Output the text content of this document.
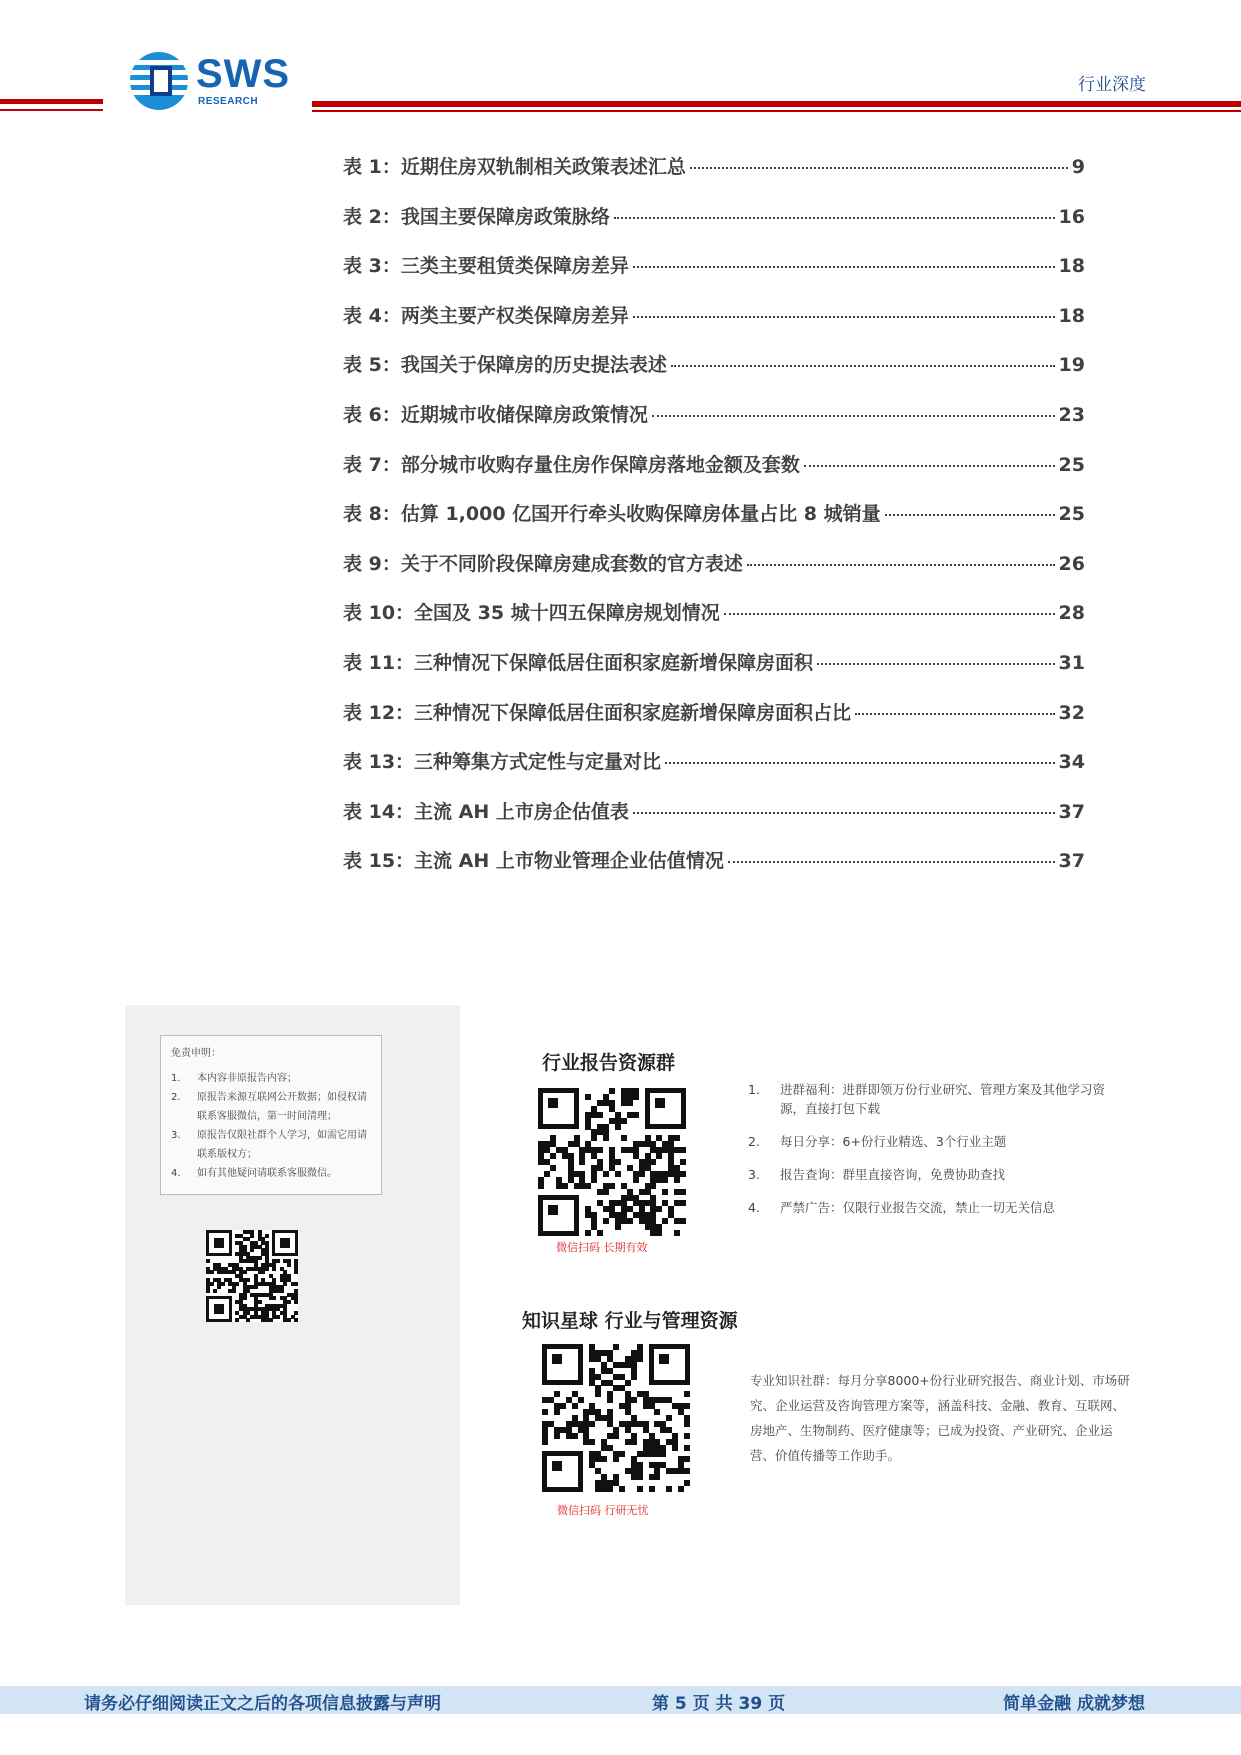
SWS
RESEARCH
行业深度
表 1：近期住房双轨制相关政策表述汇总	9
表 2：我国主要保障房政策脉络	16
表 3：三类主要租赁类保障房差异	18
表 4：两类主要产权类保障房差异	18
表 5：我国关于保障房的历史提法表述	19
表 6：近期城市收储保障房政策情况	23
表 7：部分城市收购存量住房作保障房落地金额及套数	25
表 8：估算 1,000 亿国开行牵头收购保障房体量占比 8 城销量	25
表 9：关于不同阶段保障房建成套数的官方表述	26
表 10：全国及 35 城十四五保障房规划情况	28
表 11：三种情况下保障低居住面积家庭新增保障房面积	31
表 12：三种情况下保障低居住面积家庭新增保障房面积占比	32
表 13：三种筹集方式定性与定量对比	34
表 14：主流 AH 上市房企估值表	37
表 15：主流 AH 上市物业管理企业估值情况	37
免责申明：
1.	本内容非原报告内容；
2.	原报告来源互联网公开数据；如侵权请联系客服微信，第一时间清理；
3.	原报告仅限社群个人学习，如需它用请联系版权方；
4.	如有其他疑问请联系客服微信。
行业报告资源群
微信扫码 长期有效
1.	进群福利：进群即领万份行业研究、管理方案及其他学习资源，直接打包下载
2.	每日分享：6+份行业精选、3个行业主题
3.	报告查询：群里直接咨询，免费协助查找
4.	严禁广告：仅限行业报告交流，禁止一切无关信息
知识星球 行业与管理资源
微信扫码 行研无忧
专业知识社群：每月分享8000+份行业研究报告、商业计划、市场研究、企业运营及咨询管理方案等，涵盖科技、金融、教育、互联网、房地产、生物制药、医疗健康等；已成为投资、产业研究、企业运营、价值传播等工作助手。
请务必仔细阅读正文之后的各项信息披露与声明	第 5 页 共 39 页	简单金融 成就梦想
